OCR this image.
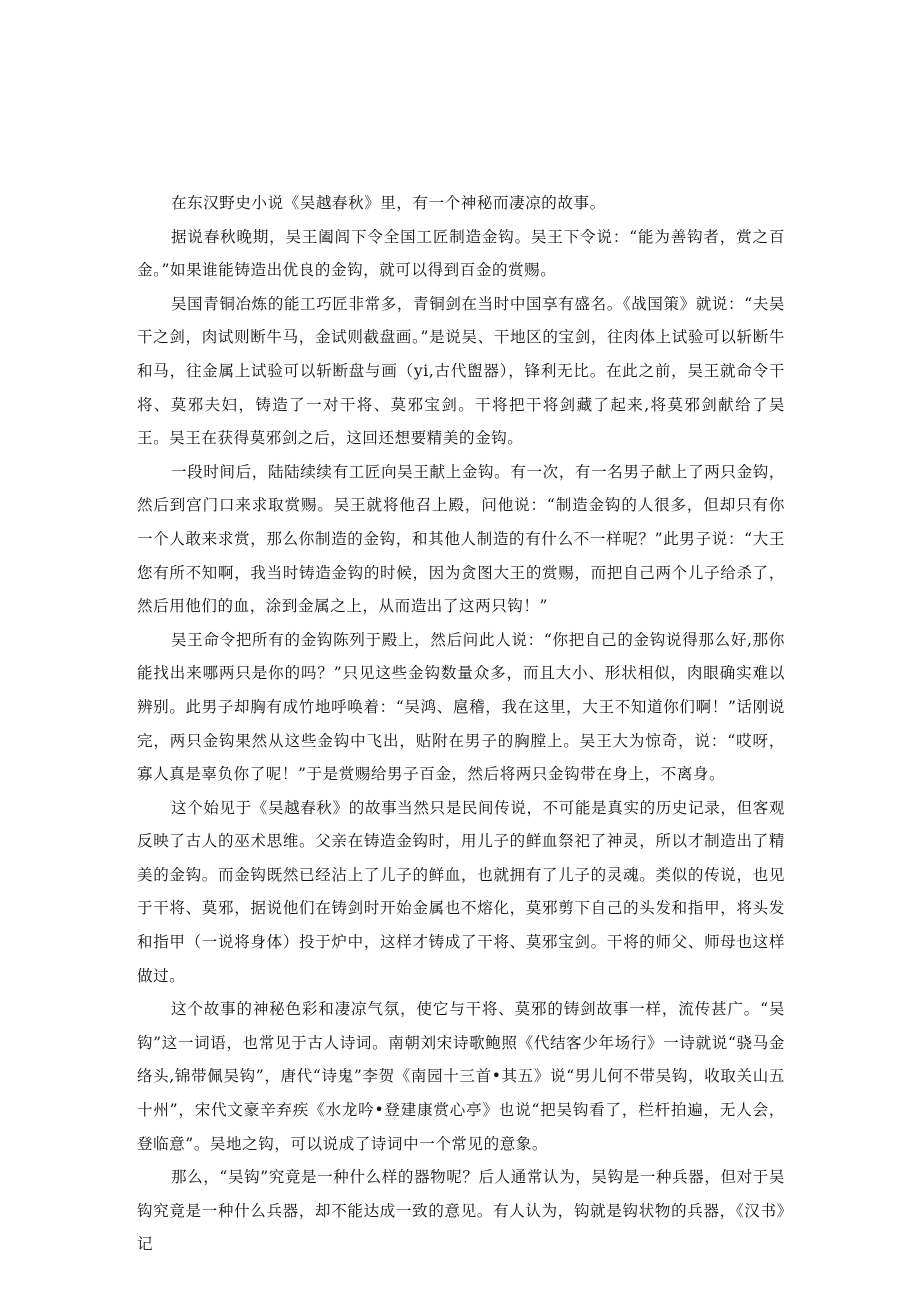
在东汉野史小说《吴越春秋》里，有一个神秘而凄凉的故事。

据说春秋晚期，吴王阖闾下令全国工匠制造金钩。吴王下令说：“能为善钩者，赏之百金。”如果谁能铸造出优良的金钩，就可以得到百金的赏赐。

吴国青铜冶炼的能工巧匠非常多，青铜剑在当时中国享有盛名。《战国策》就说：“夫吴干之剑，肉试则断牛马，金试则截盘画。”是说吴、干地区的宝剑，往肉体上试验可以斩断牛和马，往金属上试验可以斩断盘与画（yi,古代盥器），锋利无比。在此之前，吴王就命令干将、莫邪夫妇，铸造了一对干将、莫邪宝剑。干将把干将剑藏了起来,将莫邪剑献给了吴王。吴王在获得莫邪剑之后，这回还想要精美的金钩。

一段时间后，陆陆续续有工匠向吴王献上金钩。有一次，有一名男子献上了两只金钩，然后到宫门口来求取赏赐。吴王就将他召上殿，问他说：“制造金钩的人很多，但却只有你一个人敢来求赏，那么你制造的金钩，和其他人制造的有什么不一样呢？”此男子说：“大王您有所不知啊，我当时铸造金钩的时候，因为贪图大王的赏赐，而把自己两个儿子给杀了，然后用他们的血，涂到金属之上，从而造出了这两只钩！”

吴王命令把所有的金钩陈列于殿上，然后问此人说：“你把自己的金钩说得那么好,那你能找出来哪两只是你的吗？”只见这些金钩数量众多，而且大小、形状相似，肉眼确实难以辨别。此男子却胸有成竹地呼唤着：“吴鸿、扈稽，我在这里，大王不知道你们啊！”话刚说完，两只金钩果然从这些金钩中飞出，贴附在男子的胸膛上。吴王大为惊奇，说：“哎呀，寡人真是辜负你了呢！”于是赏赐给男子百金，然后将两只金钩带在身上，不离身。

这个始见于《吴越春秋》的故事当然只是民间传说，不可能是真实的历史记录，但客观反映了古人的巫术思维。父亲在铸造金钩时，用儿子的鲜血祭祀了神灵，所以才制造出了精美的金钩。而金钩既然已经沾上了儿子的鲜血，也就拥有了儿子的灵魂。类似的传说，也见于干将、莫邪，据说他们在铸剑时开始金属也不熔化，莫邪剪下自己的头发和指甲，将头发和指甲（一说将身体）投于炉中，这样才铸成了干将、莫邪宝剑。干将的师父、师母也这样做过。

这个故事的神秘色彩和凄凉气氛，使它与干将、莫邪的铸剑故事一样，流传甚广。“吴钩”这一词语，也常见于古人诗词。南朝刘宋诗歌鲍照《代结客少年场行》一诗就说“骁马金络头,锦带佩吴钩”，唐代“诗鬼”李贺《南园十三首•其五》说“男儿何不带吴钩，收取关山五十州”，宋代文豪辛弃疾《水龙吟•登建康赏心亭》也说“把吴钩看了，栏杆拍遍，无人会，登临意”。吴地之钩，可以说成了诗词中一个常见的意象。

那么，“吴钩”究竟是一种什么样的器物呢？后人通常认为，吴钩是一种兵器，但对于吴钩究竟是一种什么兵器，却不能达成一致的意见。有人认为，钩就是钩状物的兵器，《汉书》记
